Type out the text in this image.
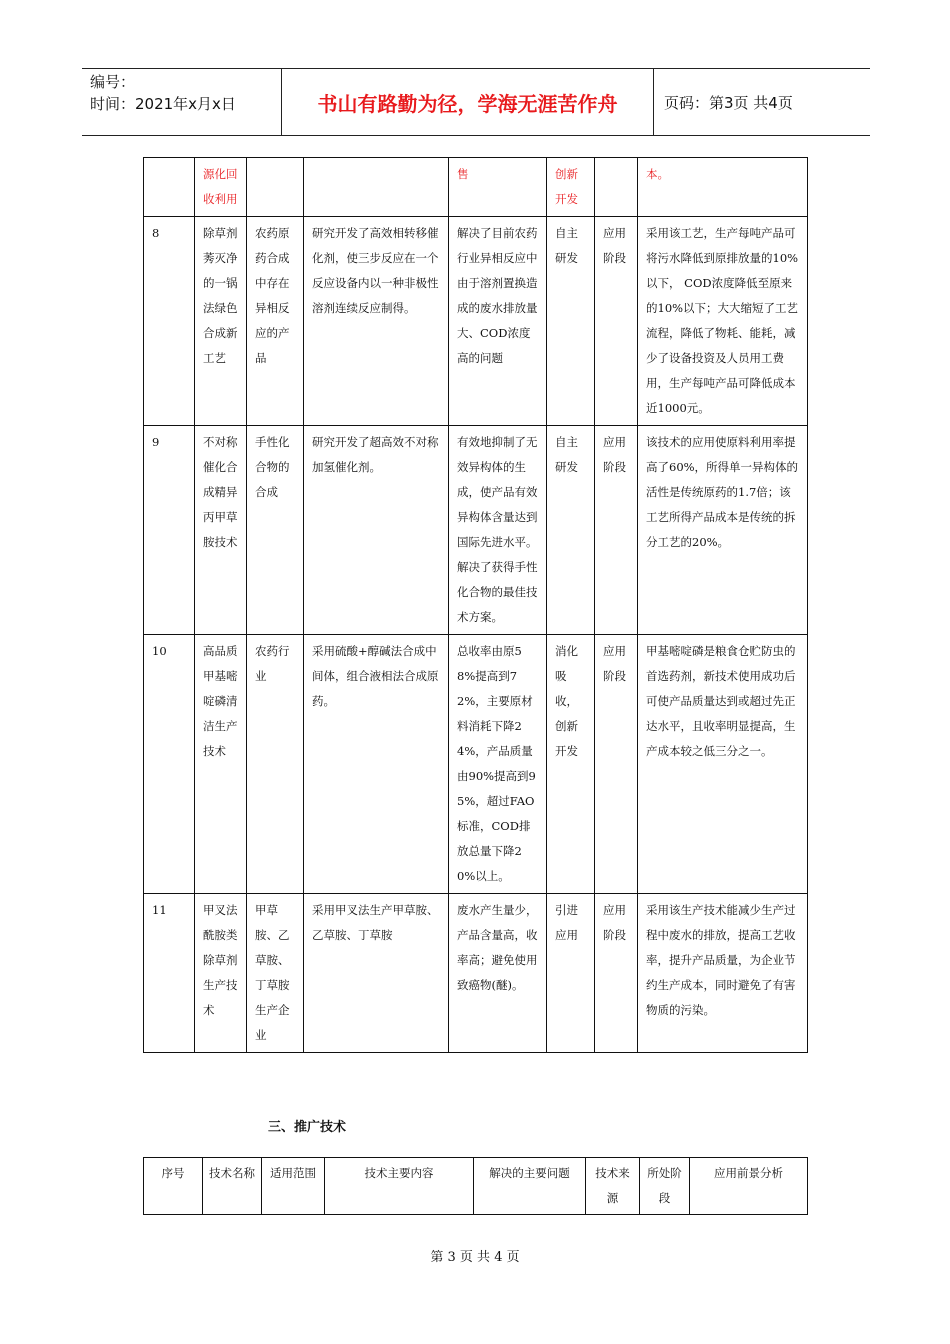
编号：
时间：2021年x月x日	书山有路勤为径，学海无涯苦作舟	页码：第3页 共4页
	源化回收利用			售	创新开发		本。
8	除草剂莠灭净的一锅法绿色合成新工艺	农药原药合成中存在异相反应的产品	研究开发了高效相转移催化剂，使三步反应在一个反应设备内以一种非极性溶剂连续反应制得。	解决了目前农药行业异相反应中由于溶剂置换造成的废水排放量大、COD浓度高的问题	自主研发	应用阶段	采用该工艺，生产每吨产品可将污水降低到原排放量的10%以下， COD浓度降低至原来的10%以下；大大缩短了工艺流程，降低了物耗、能耗，减少了设备投资及人员用工费用，生产每吨产品可降低成本近1000元。
9	不对称催化合成精异丙甲草胺技术	手性化合物的合成	研究开发了超高效不对称加氢催化剂。	有效地抑制了无效异构体的生成，使产品有效异构体含量达到国际先进水平。解决了获得手性化合物的最佳技术方案。	自主研发	应用阶段	该技术的应用使原料利用率提高了60%，所得单一异构体的活性是传统原药的1.7倍；该工艺所得产品成本是传统的拆分工艺的20%。
10	高品质甲基嘧啶磷清洁生产技术	农药行业	采用硫酸+醇碱法合成中间体，组合液相法合成原药。	总收率由原58%提高到72%，主要原材料消耗下降24%，产品质量由90%提高到95%，超过FAO标准，COD排放总量下降20%以上。	消化吸收，创新开发	应用阶段	甲基嘧啶磷是粮食仓贮防虫的首选药剂，新技术使用成功后可使产品质量达到或超过先正达水平，且收率明显提高，生产成本较之低三分之一。
11	甲叉法酰胺类除草剂生产技术	甲草胺、乙草胺、丁草胺生产企业	采用甲叉法生产甲草胺、乙草胺、丁草胺	废水产生量少，产品含量高，收率高；避免使用致癌物(醚)。	引进应用	应用阶段	采用该生产技术能减少生产过程中废水的排放，提高工艺收率，提升产品质量，为企业节约生产成本，同时避免了有害物质的污染。
三、推广技术
序号	技术名称	适用范围	技术主要内容	解决的主要问题	技术来源	所处阶段	应用前景分析
第 3 页 共 4 页
